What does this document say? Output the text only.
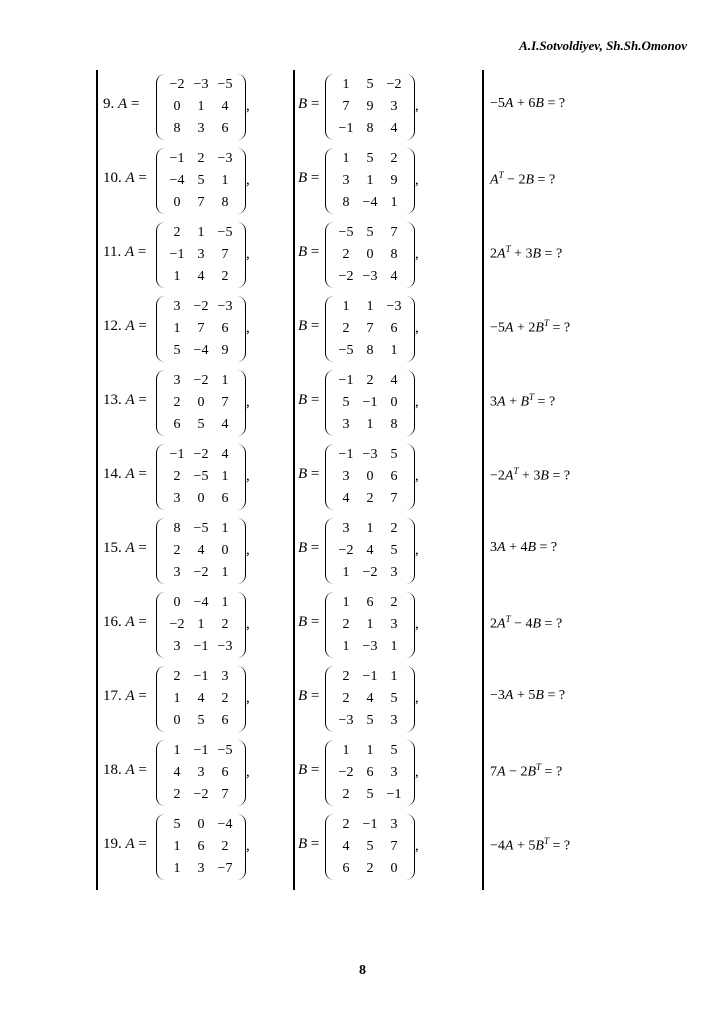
A.I.Sotvoldiyev, Sh.Sh.Omonov
9. A =
−2 −3 −5
0	1	4
8	3	6
,	B =
1	5 −2
7	9	3
−1 8	4
,	−5A + 6B = ?
10. A =
−1 2 −3
−4 5	1
0	7	8
,	B =
1	5	2
3	1	9
8 −4 1
,	$A^T - 2B$ = ?
11. A =
2	1 −5
−1 3	7
1	4	2
,	B =
−5 5	7
2	0	8
−2 −3 4
,	$2A^T + 3B$ = ?
12. A =
3 −2 −3
1	7	6
5 −4 9
,	B =
1	1 −3
2	7	6
−5 8	1
,	$-5A + 2B^T$ = ?
13. A =
3 −2 1
2	0	7
6	5	4
,	B =
−1 2	4
5 −1 0
3	1	8
,	$3A + B^T$ = ?
14. A =
−1 −2 4
2 −5 1
3	0	6
,	B =
−1 −3 5
3	0	6
4	2	7
,	$-2A^T + 3B$ = ?
15. A =
8 −5 1
2	4	0
3 −2 1
,	B =
3	1	2
−2 4	5
1 −2 3
,	3A + 4B = ?
16. A =
0 −4 1
−2 1	2
3 −1 −3
,	B =
1	6	2
2	1	3
1 −3 1
,	$2A^T - 4B$ = ?
17. A =
2 −1 3
1	4	2
0	5	6
,	B =
2 −1 1
2	4	5
−3 5	3
,	−3A + 5B = ?
18. A =
1 −1 −5
4	3	6
2 −2 7
,	B =
1	1	5
−2 6	3
2	5 −1
,	$7A - 2B^T$ = ?
19. A =
5	0 −4
1	6	2
1	3 −7
,	B =
2 −1 3
4	5	7
6	2	0
,	$-4A + 5B^T$ = ?
8
